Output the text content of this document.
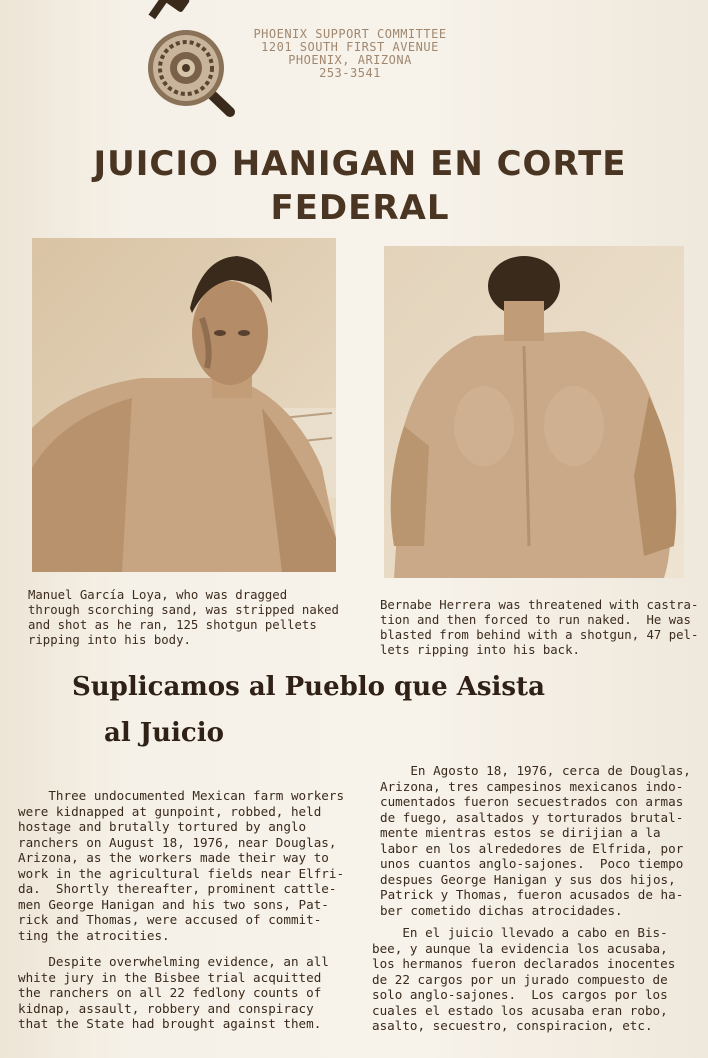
PHOENIX SUPPORT COMMITTEE
1201 SOUTH FIRST AVENUE
PHOENIX, ARIZONA
253-3541
JUICIO HANIGAN EN CORTE
FEDERAL
Manuel García Loya, who was dragged
through scorching sand, was stripped naked
and shot as he ran, 125 shotgun pellets
ripping into his body.
Bernabe Herrera was threatened with castra-
tion and then forced to run naked.  He was
blasted from behind with a shotgun, 47 pel-
lets ripping into his back.
Suplicamos al Pueblo que Asista
al Juicio
Three undocumented Mexican farm workers
were kidnapped at gunpoint, robbed, held
hostage and brutally tortured by anglo
ranchers on August 18, 1976, near Douglas,
Arizona, as the workers made their way to
work in the agricultural fields near Elfri-
da.  Shortly thereafter, prominent cattle-
men George Hanigan and his two sons, Pat-
rick and Thomas, were accused of commit-
ting the atrocities.
Despite overwhelming evidence, an all
white jury in the Bisbee trial acquitted
the ranchers on all 22 fedlony counts of
kidnap, assault, robbery and conspiracy
that the State had brought against them.
En Agosto 18, 1976, cerca de Douglas,
Arizona, tres campesinos mexicanos indo-
cumentados fueron secuestrados con armas
de fuego, asaltados y torturados brutal-
mente mientras estos se dirijian a la
labor en los alrededores de Elfrida, por
unos cuantos anglo-sajones.  Poco tiempo
despues George Hanigan y sus dos hijos,
Patrick y Thomas, fueron acusados de ha-
ber cometido dichas atrocidades.
En el juicio llevado a cabo en Bis-
bee, y aunque la evidencia los acusaba,
los hermanos fueron declarados inocentes
de 22 cargos por un jurado compuesto de
solo anglo-sajones.  Los cargos por los
cuales el estado los acusaba eran robo,
asalto, secuestro, conspiracion, etc.
